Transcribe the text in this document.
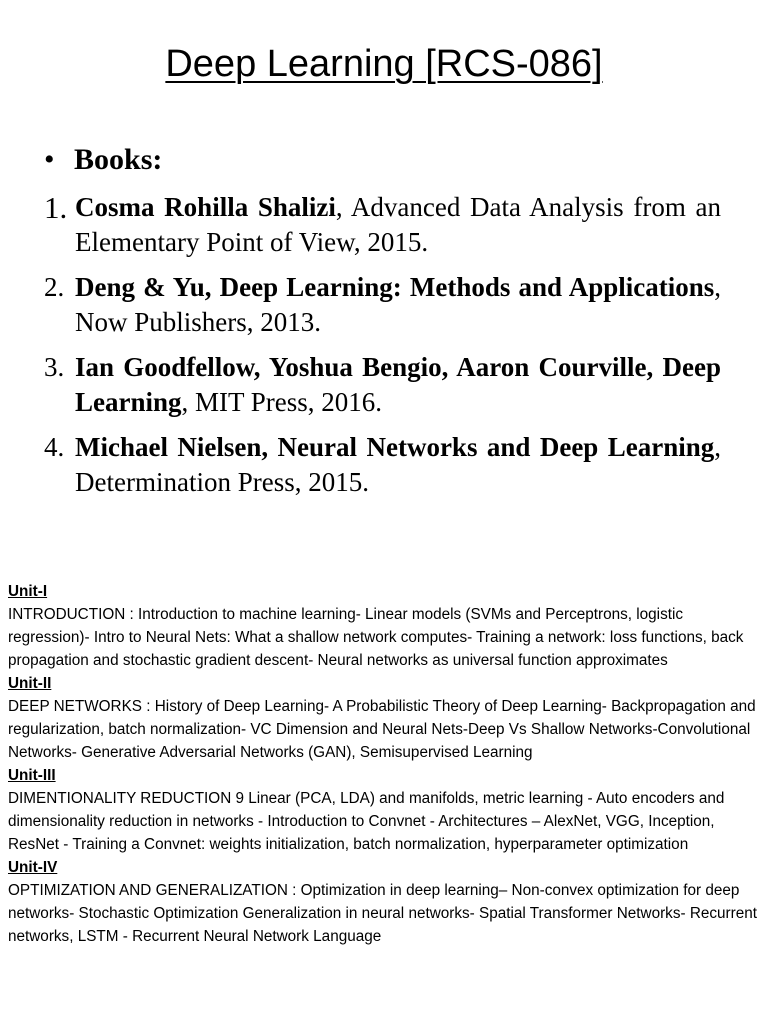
Deep Learning [RCS-086]
• Books:
1. Cosma Rohilla Shalizi, Advanced Data Analysis from an Elementary Point of View, 2015.
2. Deng & Yu, Deep Learning: Methods and Applications, Now Publishers, 2013.
3. Ian Goodfellow, Yoshua Bengio, Aaron Courville, Deep Learning, MIT Press, 2016.
4. Michael Nielsen, Neural Networks and Deep Learning, Determination Press, 2015.
Unit-I
INTRODUCTION : Introduction to machine learning- Linear models (SVMs and Perceptrons, logistic regression)- Intro to Neural Nets: What a shallow network computes- Training a network: loss functions, back propagation and stochastic gradient descent- Neural networks as universal function approximates
Unit-II
DEEP NETWORKS : History of Deep Learning- A Probabilistic Theory of Deep Learning- Backpropagation and regularization, batch normalization- VC Dimension and Neural Nets-Deep Vs Shallow Networks-Convolutional Networks- Generative Adversarial Networks (GAN), Semisupervised Learning
Unit-III
DIMENTIONALITY REDUCTION 9 Linear (PCA, LDA) and manifolds, metric learning - Auto encoders and dimensionality reduction in networks - Introduction to Convnet - Architectures – AlexNet, VGG, Inception, ResNet - Training a Convnet: weights initialization, batch normalization, hyperparameter optimization
Unit-IV
OPTIMIZATION AND GENERALIZATION : Optimization in deep learning– Non-convex optimization for deep networks- Stochastic Optimization Generalization in neural networks- Spatial Transformer Networks- Recurrent networks, LSTM - Recurrent Neural Network Language
